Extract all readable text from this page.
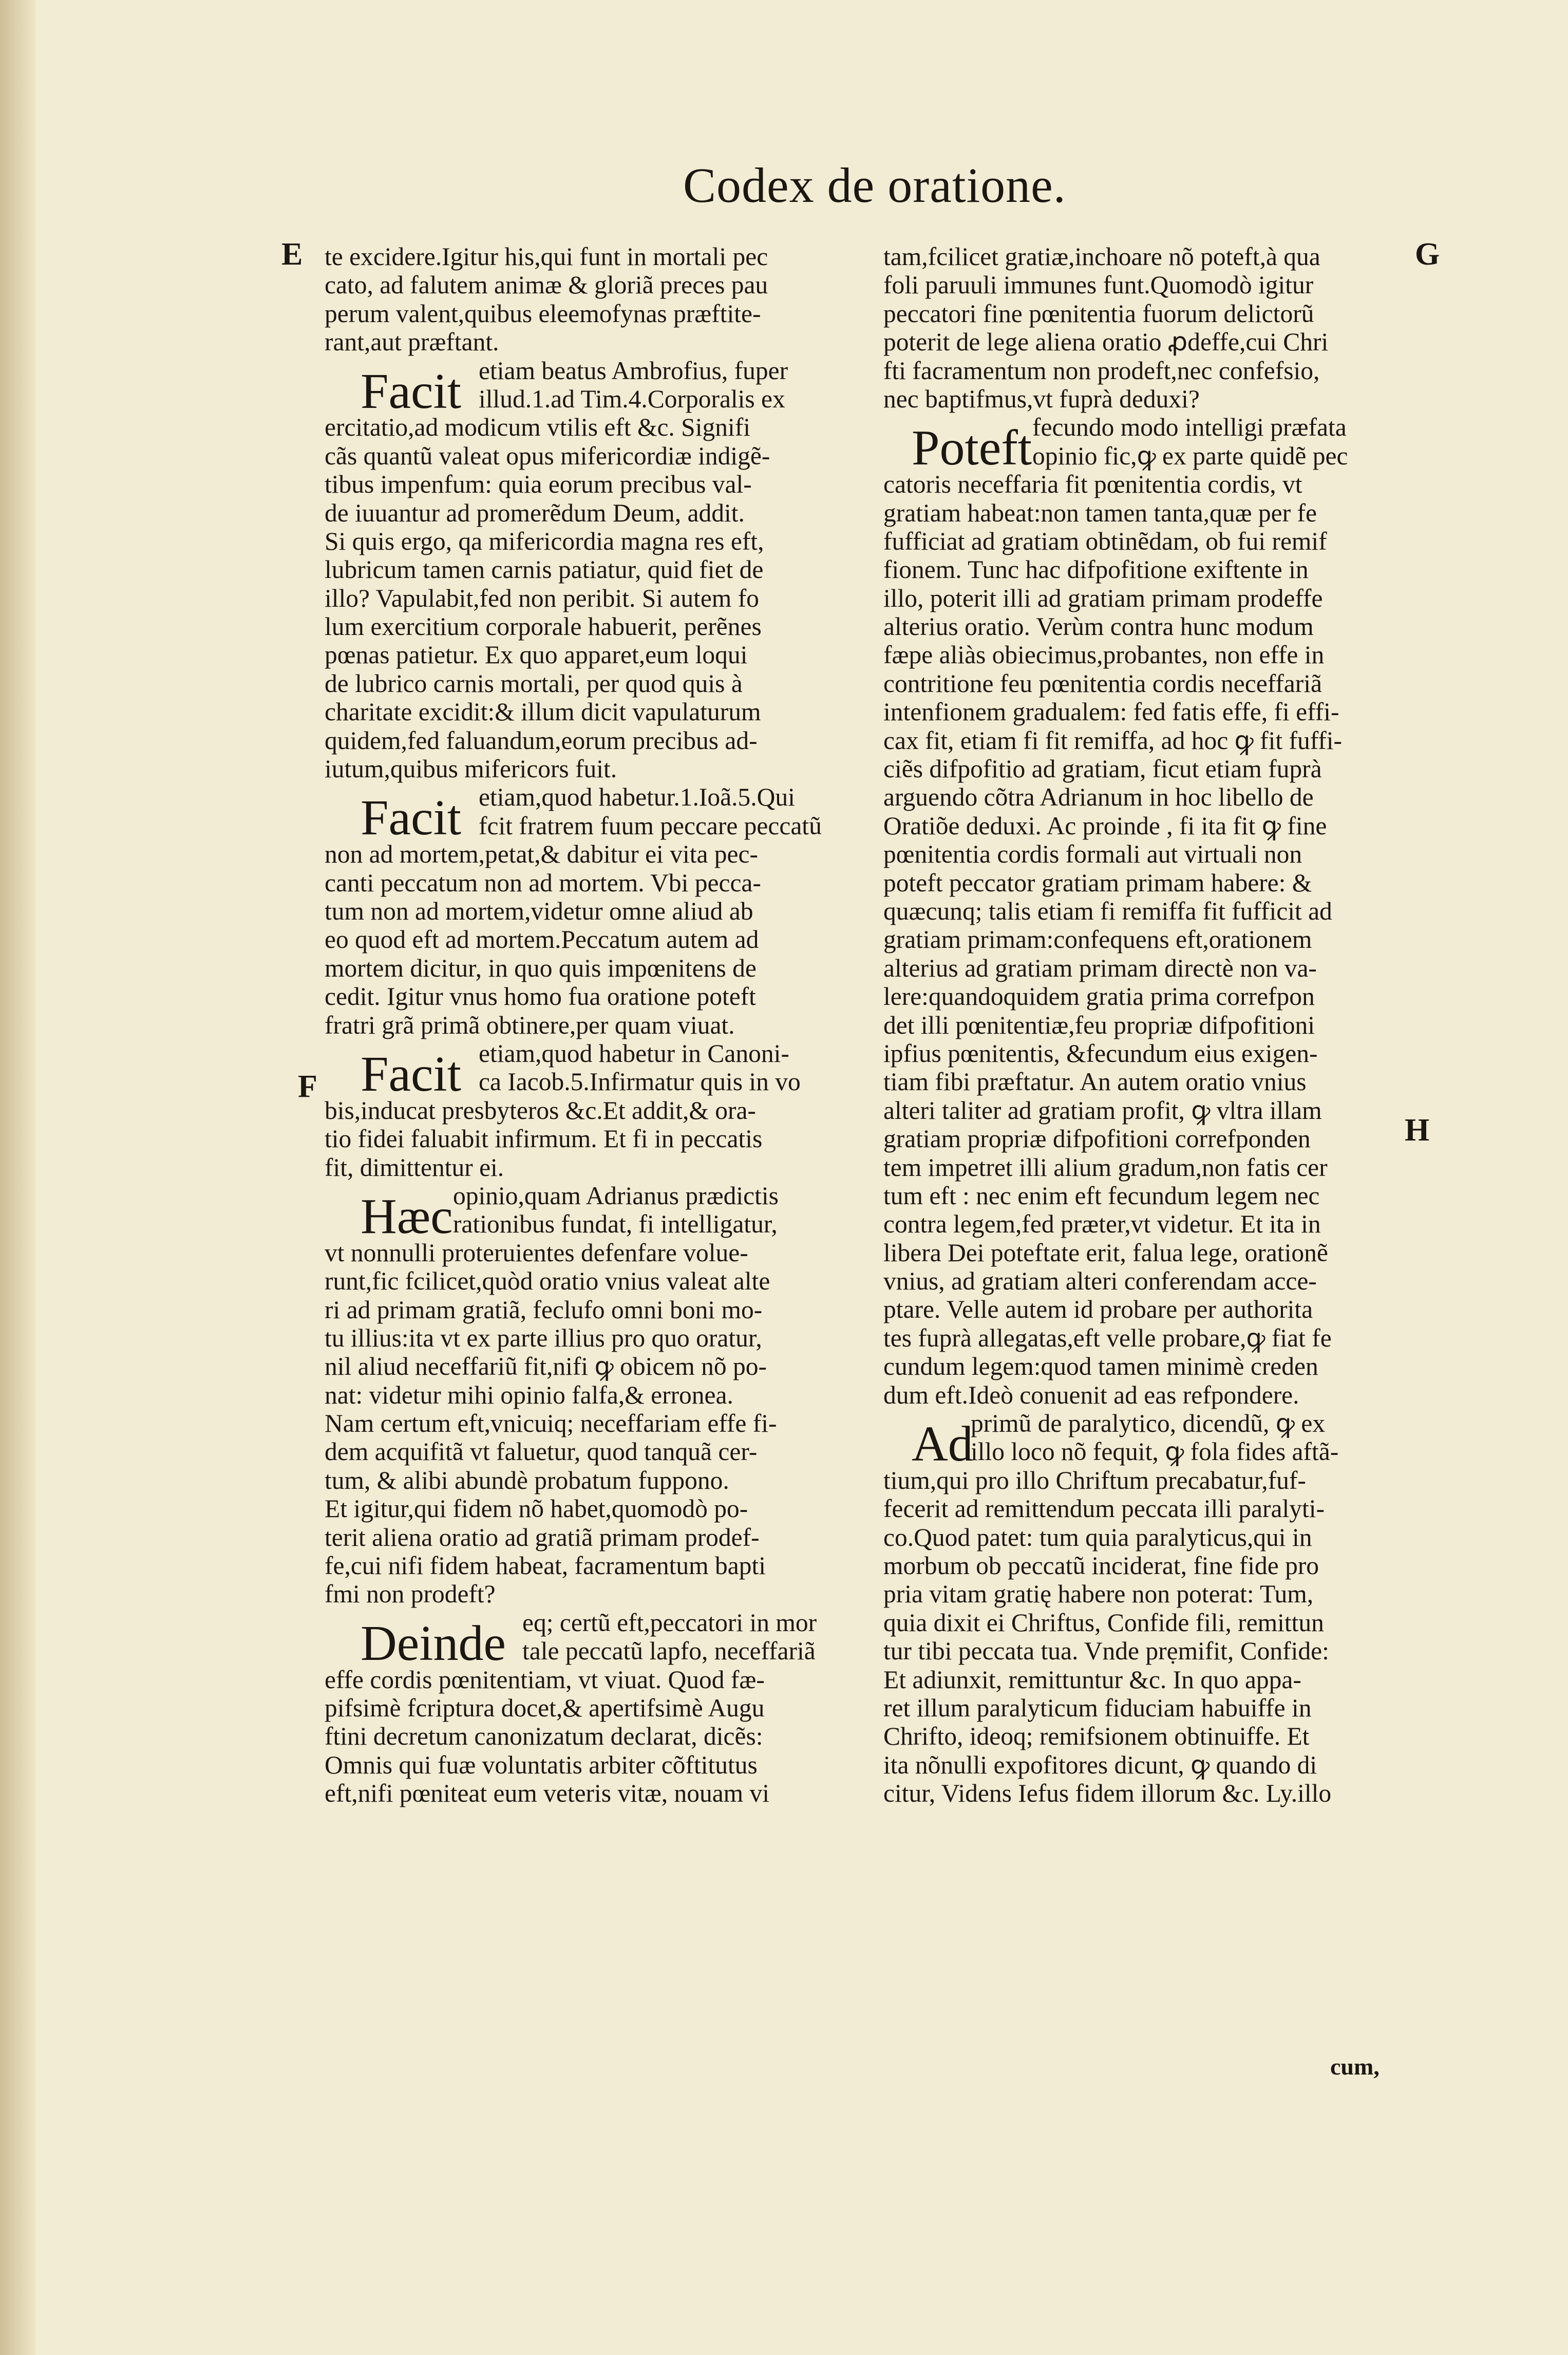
Codex de oratione.
E
F
G
H
te excidere.Igitur his,qui funt in mortali pec
cato, ad falutem animæ & gloriã preces pau
perum valent,quibus eleemofynas præftite-
rant,aut præftant.
Facit etiam beatus Ambrofius, fuper
illud.1.ad Tim.4.Corporalis ex
ercitatio,ad modicum vtilis eft &c. Signifi
cãs quantũ valeat opus mifericordiæ indigẽ-
tibus impenfum: quia eorum precibus val-
de iuuantur ad promerẽdum Deum, addit.
Si quis ergo, qa mifericordia magna res eft,
lubricum tamen carnis patiatur, quid fiet de
illo? Vapulabit,fed non peribit. Si autem fo
lum exercitium corporale habuerit, perẽnes
pœnas patietur. Ex quo apparet,eum loqui
de lubrico carnis mortali, per quod quis à
charitate excidit:& illum dicit vapulaturum
quidem,fed faluandum,eorum precibus ad-
iutum,quibus mifericors fuit.
Facit etiam,quod habetur.1.Ioã.5.Qui
fcit fratrem fuum peccare peccatũ
non ad mortem,petat,& dabitur ei vita pec-
canti peccatum non ad mortem. Vbi pecca-
tum non ad mortem,videtur omne aliud ab
eo quod eft ad mortem.Peccatum autem ad
mortem dicitur, in quo quis impœnitens de
cedit. Igitur vnus homo fua oratione poteft
fratri grã primã obtinere,per quam viuat.
Facit etiam,quod habetur in Canoni-
ca Iacob.5.Infirmatur quis in vo
bis,inducat presbyteros &c.Et addit,& ora-
tio fidei faluabit infirmum. Et fi in peccatis
fit, dimittentur ei.
Hæc opinio,quam Adrianus prædictis
rationibus fundat, fi intelligatur,
vt nonnulli proteruientes defenfare volue-
runt,fic fcilicet,quòd oratio vnius valeat alte
ri ad primam gratiã, feclufo omni boni mo-
tu illius:ita vt ex parte illius pro quo oratur,
nil aliud neceffariũ fit,nifi ꝙ obicem nõ po-
nat: videtur mihi opinio falfa,& erronea.
Nam certum eft,vnicuiq; neceffariam effe fi-
dem acquifitã vt faluetur, quod tanquã cer-
tum, & alibi abundè probatum fuppono.
Et igitur,qui fidem nõ habet,quomodò po-
terit aliena oratio ad gratiã primam prodef-
fe,cui nifi fidem habeat, facramentum bapti
fmi non prodeft?
Deinde eq; certũ eft,peccatori in mor
tale peccatũ lapfo, neceffariã
effe cordis pœnitentiam, vt viuat. Quod fæ-
pifsimè fcriptura docet,& apertifsimè Augu
ftini decretum canonizatum declarat, dicẽs:
Omnis qui fuæ voluntatis arbiter cõftitutus
eft,nifi pœniteat eum veteris vitæ, nouam vi
tam,fcilicet gratiæ,inchoare nõ poteft,à qua
foli paruuli immunes funt.Quomodò igitur
peccatori fine pœnitentia fuorum delictorũ
poterit de lege aliena oratio ꝓdeffe,cui Chri
fti facramentum non prodeft,nec confefsio,
nec baptifmus,vt fuprà deduxi?
Poteft fecundo modo intelligi præfata
opinio fic,ꝙ ex parte quidẽ pec
catoris neceffaria fit pœnitentia cordis, vt
gratiam habeat:non tamen tanta,quæ per fe
fufficiat ad gratiam obtinẽdam, ob fui remif
fionem. Tunc hac difpofitione exiftente in
illo, poterit illi ad gratiam primam prodeffe
alterius oratio. Verùm contra hunc modum
fæpe aliàs obiecimus,probantes, non effe in
contritione feu pœnitentia cordis neceffariã
intenfionem gradualem: fed fatis effe, fi effi-
cax fit, etiam fi fit remiffa, ad hoc ꝙ fit fuffi-
ciẽs difpofitio ad gratiam, ficut etiam fuprà
arguendo cõtra Adrianum in hoc libello de
Oratiõe deduxi. Ac proinde , fi ita fit ꝙ fine
pœnitentia cordis formali aut virtuali non
poteft peccator gratiam primam habere: &
quæcunq; talis etiam fi remiffa fit fufficit ad
gratiam primam:confequens eft,orationem
alterius ad gratiam primam directè non va-
lere:quandoquidem gratia prima correfpon
det illi pœnitentiæ,feu propriæ difpofitioni
ipfius pœnitentis, &fecundum eius exigen-
tiam fibi præftatur. An autem oratio vnius
alteri taliter ad gratiam profit, ꝙ vltra illam
gratiam propriæ difpofitioni correfponden
tem impetret illi alium gradum,non fatis cer
tum eft : nec enim eft fecundum legem nec
contra legem,fed præter,vt videtur. Et ita in
libera Dei poteftate erit, falua lege, orationẽ
vnius, ad gratiam alteri conferendam acce-
ptare. Velle autem id probare per authorita
tes fuprà allegatas,eft velle probare,ꝙ fiat fe
cundum legem:quod tamen minimè creden
dum eft.Ideò conuenit ad eas refpondere.
Ad
primũ de paralytico, dicendũ, ꝙ ex
illo loco nõ fequit, ꝙ fola fides aftã-
tium,qui pro illo Chriftum precabatur,fuf-
fecerit ad remittendum peccata illi paralyti-
co.Quod patet: tum quia paralyticus,qui in
morbum ob peccatũ inciderat, fine fide pro
pria vitam gratię habere non poterat: Tum,
quia dixit ei Chriftus, Confide fili, remittun
tur tibi peccata tua. Vnde prẹmifit, Confide:
Et adiunxit, remittuntur &c. In quo appa-
ret illum paralyticum fiduciam habuiffe in
Chrifto, ideoq; remifsionem obtinuiffe. Et
ita nõnulli expofitores dicunt, ꝙ quando di
citur, Videns Iefus fidem illorum &c. Ly.illo
cum,
